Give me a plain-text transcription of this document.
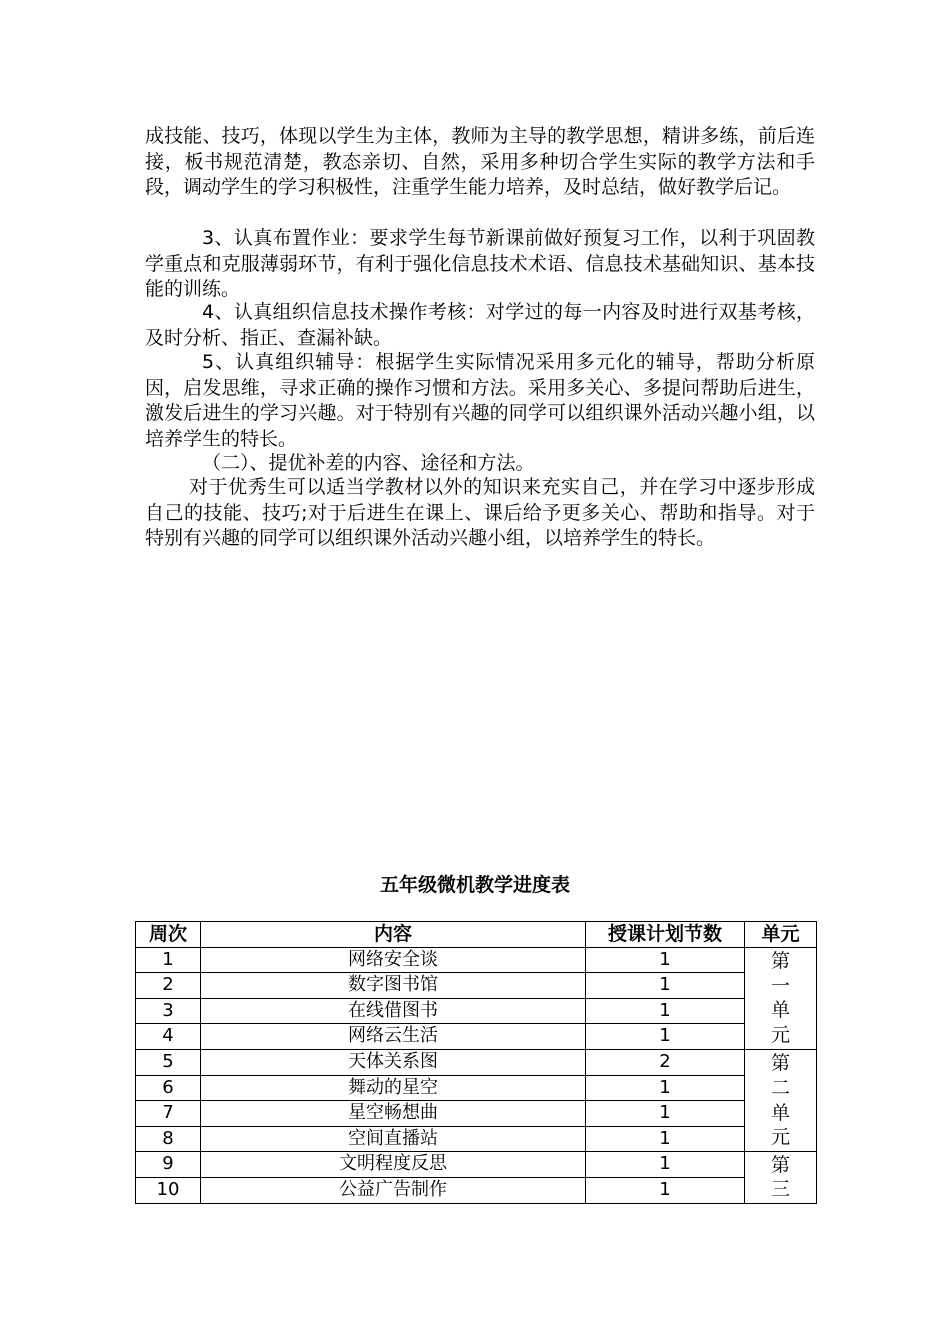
成技能、技巧，体现以学生为主体，教师为主导的教学思想，精讲多练，前后连接，板书规范清楚，教态亲切、自然，采用多种切合学生实际的教学方法和手段，调动学生的学习积极性，注重学生能力培养，及时总结，做好教学后记。

3、认真布置作业：要求学生每节新课前做好预复习工作，以利于巩固教学重点和克服薄弱环节，有利于强化信息技术术语、信息技术基础知识、基本技能的训练。

4、认真组织信息技术操作考核：对学过的每一内容及时进行双基考核，及时分析、指正、查漏补缺。

5、认真组织辅导：根据学生实际情况采用多元化的辅导，帮助分析原因，启发思维，寻求正确的操作习惯和方法。采用多关心、多提问帮助后进生，激发后进生的学习兴趣。对于特别有兴趣的同学可以组织课外活动兴趣小组，以培养学生的特长。

（二）、提优补差的内容、途径和方法。

对于优秀生可以适当学教材以外的知识来充实自己，并在学习中逐步形成自己的技能、技巧;对于后进生在课上、课后给予更多关心、帮助和指导。对于特别有兴趣的同学可以组织课外活动兴趣小组，以培养学生的特长。

五年级微机教学进度表
周次	内容	授课计划节数	单元
1	网络安全谈	1	第一单元

2	数字图书馆	1	
3	在线借图书	1	
4	网络云生活	1	
5	天体关系图	2	第二单元

6	舞动的星空	1	
7	星空畅想曲	1	
8	空间直播站	1	
9	文明程度反思	1	第三

10	公益广告制作	1	
